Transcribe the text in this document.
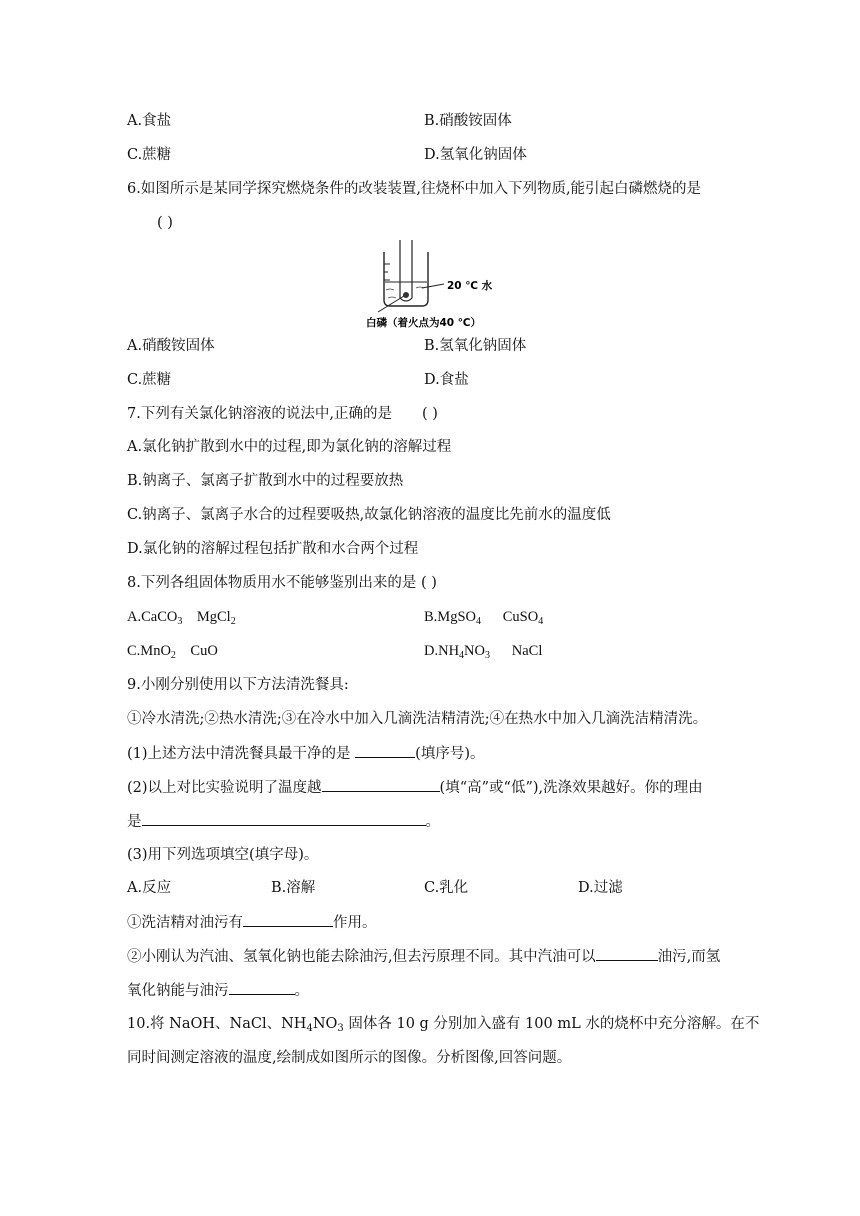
A.食盐	B.硝酸铵固体
C.蔗糖	D.氢氧化钠固体
6.如图所示是某同学探究燃烧条件的改装装置,往烧杯中加入下列物质,能引起白磷燃烧的是
( )
20 ℃ 水
白磷（着火点为40 ℃）
A.硝酸铵固体	B.氢氧化钠固体
C.蔗糖	D.食盐
7.下列有关氯化钠溶液的说法中,正确的是 ( )
A.氯化钠扩散到水中的过程,即为氯化钠的溶解过程
B.钠离子、氯离子扩散到水中的过程要放热
C.钠离子、氯离子水合的过程要吸热,故氯化钠溶液的温度比先前水的温度低
D.氯化钠的溶解过程包括扩散和水合两个过程
8.下列各组固体物质用水不能够鉴别出来的是 ( )
A.CaCO$_3$    MgCl$_2$	B.MgSO$_4$      CuSO$_4$
C.MnO$_2$    CuO	$D.NH_4NO_3$      NaCl
9.小刚分别使用以下方法清洗餐具:
①冷水清洗;②热水清洗;③在冷水中加入几滴洗洁精清洗;④在热水中加入几滴洗洁精清洗。
(1)上述方法中清洗餐具最干净的是	(填序号)。
(2)以上对比实验说明了温度越	(填“高”或“低”),洗涤效果越好。你的理由
是	。
(3)用下列选项填空(填字母)。
A.反应	B.溶解	C.乳化	D.过滤
①洗洁精对油污有	作用。
②小刚认为汽油、氢氧化钠也能去除油污,但去污原理不同。其中汽油可以	油污,而氢
氧化钠能与油污	。
10.将 NaOH、NaCl、$NH_4NO_3$ 固体各 10 g 分别加入盛有 100 mL 水的烧杯中充分溶解。在不
同时间测定溶液的温度,绘制成如图所示的图像。分析图像,回答问题。
